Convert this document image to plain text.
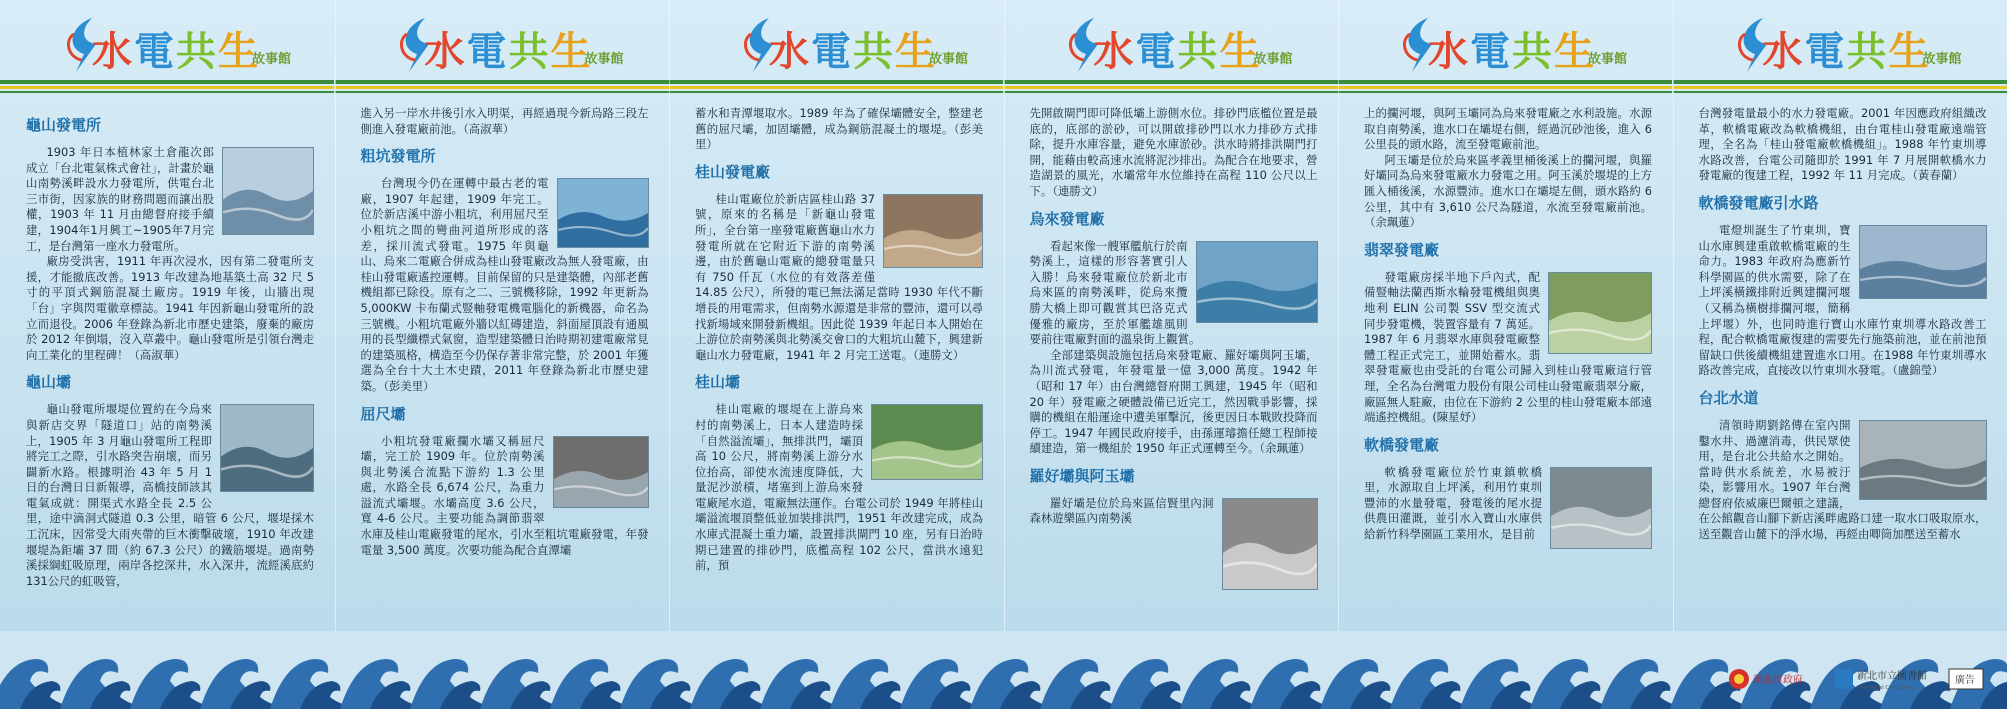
水電共生
故事館
龜山發電所

1903 年日本植林家土倉龍次郎成立「台北電氣株式會社」，計畫於龜山南勢溪畔設水力發電所，供電台北三市街，因家族的財務問題而讓出股權，1903 年 11 月由總督府接手續建，1904年1月興工~1905年7月完工，是台灣第一座水力發電所。

廠房受洪害，1911 年再次浸水，因有第二發電所支援，才能撤底改善。1913 年改建為地基築土高 32 尺 5 寸的平頂式鋼筋混凝土廠房。1919 年後，山牆出現「台」字與閃電徽章標誌。1941 年因新龜山發電所的設立而退役。2006 年登錄為新北市歷史建築，廢棄的廠房於 2012 年倒塌，沒入草叢中。龜山發電所是引領台灣走向工業化的里程碑！（高淑華）

龜山壩

龜山發電所堰堤位置約在今烏來與新店交界「隧道口」站的南勢溪上，1905 年 3 月龜山發電所工程即將完工之際，引水路突告崩壞，而另闢新水路。根據明治 43 年 5 月 1 日的台灣日日新報導，高橋技師該其電氣成就：開渠式水路全長 2.5 公里，途中滴洞式隧道 0.3 公里，暗管 6 公尺，堰堤採木工沉床，因常受大雨夾帶的巨木衝擊破壞，1910 年改建堰堤為鉅壩 37 間（約 67.3 公尺）的鐵筋堰堤。過南勢溪採綱虹吸原理，兩岸各挖深井，水入深井，流經溪底約131公尺的虹吸管，

水電共生
故事館

進入另一岸水井後引水入明渠，再經過現今新烏路三段左側進入發電廠前池。（高淑華）

粗坑發電所

台灣現今仍在運轉中最古老的電廠，1907 年起建，1909 年完工。位於新店溪中游小粗坑，利用屈尺至小粗坑之間的彎曲河道所形成的落差，採川流式發電。1975 年與龜山、烏來二電廠合併成為桂山發電廠改為無人發電廠，由桂山發電廠遙控運轉。目前保留的只是建築體，內部老舊機組都已除役。原有之二、三號機移除，1992 年更新為 5,000KW 卡布蘭式豎軸發電機電腦化的新機器，命名為三號機。小粗坑電廠外牆以紅磚建造，斜面屋頂設有通風用的長型纖標式氣窗，造型建築體日治時期初建電廠常見的建築風格，構造至今仍保存著非常完整，於 2001 年獲選為全台十大土木史蹟，2011 年登錄為新北市歷史建築。（彭美里）

屈尺壩

小粗坑發電廠攔水壩又稱屈尺壩，完工於 1909 年。位於南勢溪與北勢溪合流點下游約 1.3 公里處，水路全長 6,674 公尺，為重力溢流式壩堰。水壩高度 3.6 公尺，寬 4-6 公尺。主要功能為調節翡翠水庫及桂山電廠發電的尾水，引水至粗坑電廠發電，年發電量 3,500 萬度。次要功能為配合直潭壩

水電共生
故事館

蓄水和青潭堰取水。1989 年為了確保壩體安全，整建老舊的屈尺壩，加固壩體，成為鋼筋混凝土的堰堤。（彭美里）

桂山發電廠

桂山電廠位於新店區桂山路 37 號，原來的名稱是「新龜山發電所」，全台第一座發電廠舊龜山水力發電所就在它附近下游的南勢溪邊，由於舊龜山電廠的總發電量只有 750 仟瓦（水位的有效落差僅 14.85 公尺），所發的電已無法滿足當時 1930 年代不斷增長的用電需求，但南勢水源還是非常的豐沛，還可以尋找新場域來開發新機組。因此從 1939 年起日本人開始在上游位於南勢溪與北勢溪交會口的大粗坑山麓下，興建新龜山水力發電廠，1941 年 2 月完工送電。（連勝文）

桂山壩

桂山電廠的堰堤在上游烏來村的南勢溪上，日本人建造時採「自然溢流壩」，無排洪門，壩頂高 10 公尺，將南勢溪上游分水位抬高，卻使水流速度降低，大量泥沙淤積，堵塞到上游烏來發電廠尾水道，電廠無法運作。台電公司於 1949 年將桂山壩溢流堰頂整低並加裝排洪門，1951 年改建完成，成為水庫式混凝土重力壩，設置排洪閘門 10 座，另有日治時期已建置的排砂門，底檻高程 102 公尺，當洪水遠犯前，預

水電共生
故事館

先開啟閘門即可降低壩上游側水位。排砂門底檻位置是最底的，底部的淤砂，可以開啟排砂門以水力排砂方式排除，提升水庫容量，避免水庫淤砂。洪水時將排洪閘門打開，能藉由較高速水流將泥沙排出。為配合在地要求，營造湖景的風光，水壩常年水位維持在高程 110 公尺以上下。（連勝文）

烏來發電廠

看起來像一艘軍艦航行於南勢溪上，這樣的形容著實引人入勝！烏來發電廠位於新北市烏來區的南勢溪畔，從烏來攬勝大橋上即可觀賞其巴洛克式優雅的廠房，至於軍艦雄風則要前往電廠對面的溫泉街上觀賞。

全部建築與設施包括烏來發電廠、羅好壩與阿玉壩，為川流式發電，年發電量一億 3,000 萬度。1942 年（昭和 17 年）由台灣總督府開工興建，1945 年（昭和 20 年）發電廠之硬體設備已近完工，然因戰爭影響，採購的機組在船運途中遭美軍擊沉，後更因日本戰敗投降而停工。1947 年國民政府接手，由孫運璿擔任總工程師接續建造，第一機組於 1950 年正式運轉至今。（余珮蓮）

羅好壩與阿玉壩

羅好壩是位於烏來區信賢里內洞森林遊樂區內南勢溪

水電共生
故事館

上的攔河堰，與阿玉壩同為烏來發電廠之水利設施。水源取自南勢溪，進水口在壩堤右側，經過沉砂池後，進入 6 公里長的頭水路，流至發電廠前池。

阿玉壩是位於烏來區孝義里桶後溪上的攔河堰，與羅好壩同為烏來發電廠水力發電之用。阿玉溪於堰堤的上方匯入桶後溪，水源豐沛。進水口在壩堤左側，頭水路約 6 公里，其中有 3,610 公尺為隧道，水流至發電廠前池。（余珮蓮）

翡翠發電廠

發電廠房採半地下戶內式，配備豎軸法蘭西斯水輪發電機組與奧地利 ELIN 公司製 SSV 型交流式同步發電機，裝置容量有 7 萬延。1987 年 6 月翡翠水庫與發電廠整體工程正式完工，並開始蓄水。翡翠發電廠也由受託的台電公司歸入到桂山發電廠這行管理，全名為台灣電力股份有限公司桂山發電廠翡翠分廠，廠區無人駐廠，由位在下游約 2 公里的桂山發電廠本部遠端遙控機組。(陳星妤）

軟橋發電廠

軟橋發電廠位於竹東鎮軟橋里，水源取自上坪溪，利用竹東圳豐沛的水量發電，發電後的尾水提供農田灌溉，並引水入寶山水庫供給新竹科學園區工業用水，是目前

水電共生
故事館

台灣發電量最小的水力發電廠。2001 年因應政府組織改革，軟橋電廠改為軟橋機組，由台電桂山發電廠遠端管理，全名為「桂山發電廠軟橋機組」。1988 年竹東圳導水路改善，台電公司隨即於 1991 年 7 月展開軟橋水力發電廠的復建工程，1992 年 11 月完成。（黃春蘭）

軟橋發電廠引水路

電燈圳誕生了竹東圳，寶山水庫興建重啟軟橋電廠的生命力。1983 年政府為應新竹科學園區的供水需要，除了在上坪溪橫鐵排附近興建攔河堰（又稱為橫樹排攔河堰，簡稱上坪堰）外，也同時進行寶山水庫竹東圳導水路改善工程，配合軟橋電廠復建的需要先行施築前池，並在前池預留缺口供後續機組建置進水口用。在1988 年竹東圳導水路改善完成，直接改以竹東圳水發電。（盧錦瑩）

台北水道

清領時期劉銘傳在室內開鑿水井、過濾消毒，供民眾使用，是台北公共給水之開始。當時供水系統差，水易被汙染，影響用水。1907 年台灣總督府依威廉巴爾頓之建議，在公館觀音山腳下新店溪畔處路口建一取水口吸取原水，送至觀音山麓下的淨水場，再經由唧筒加壓送至蓄水

新北市政府	新北市立圖書館
New Taipei City Library
廣告
